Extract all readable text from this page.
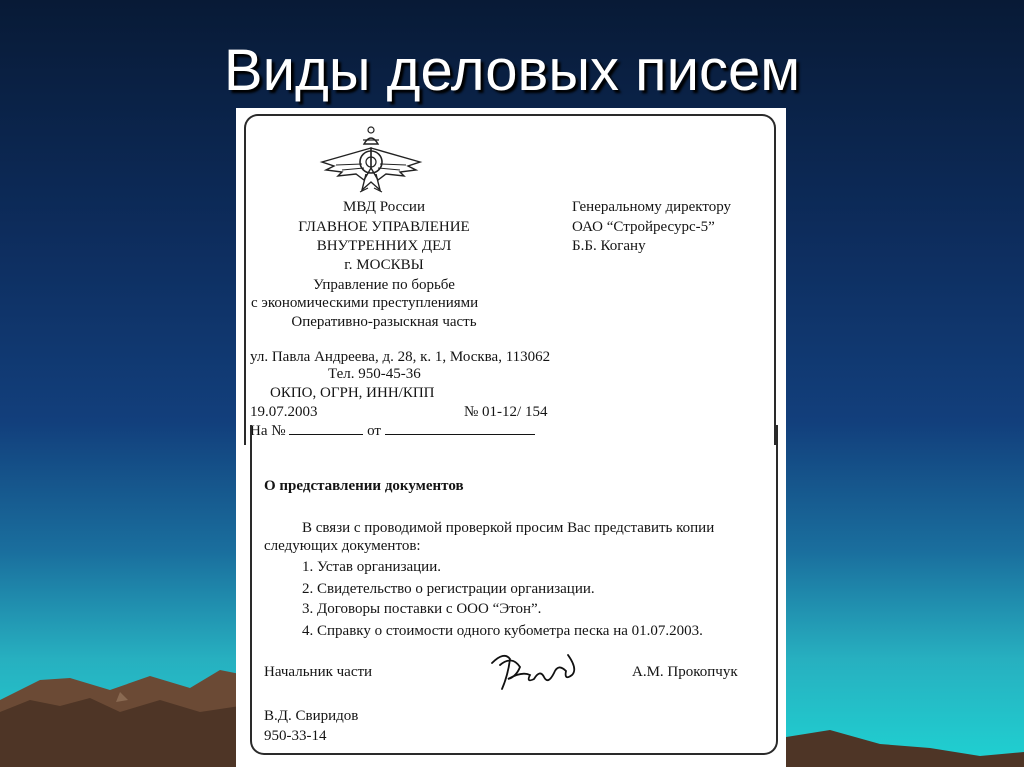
Виды деловых писем
МВД России
ГЛАВНОЕ УПРАВЛЕНИЕ
ВНУТРЕННИХ ДЕЛ
г. МОСКВЫ
Управление по борьбе
с экономическими преступлениями
Оперативно-разыскная часть
ул. Павла Андреева, д. 28, к. 1, Москва, 113062
Тел. 950-45-36
ОКПО, ОГРН, ИНН/КПП
19.07.2003	№ 01-12/ 154
На №	от
Генеральному директору
ОАО “Стройресурс-5”
Б.Б. Когану
О представлении документов
В связи с проводимой проверкой просим Вас представить копии
следующих документов:
1. Устав организации.
2. Свидетельство о регистрации организации.
3. Договоры поставки с ООО “Этон”.
4. Справку о стоимости одного кубометра песка на 01.07.2003.
Начальник части	А.М. Прокопчук
В.Д. Свиридов
950-33-14
